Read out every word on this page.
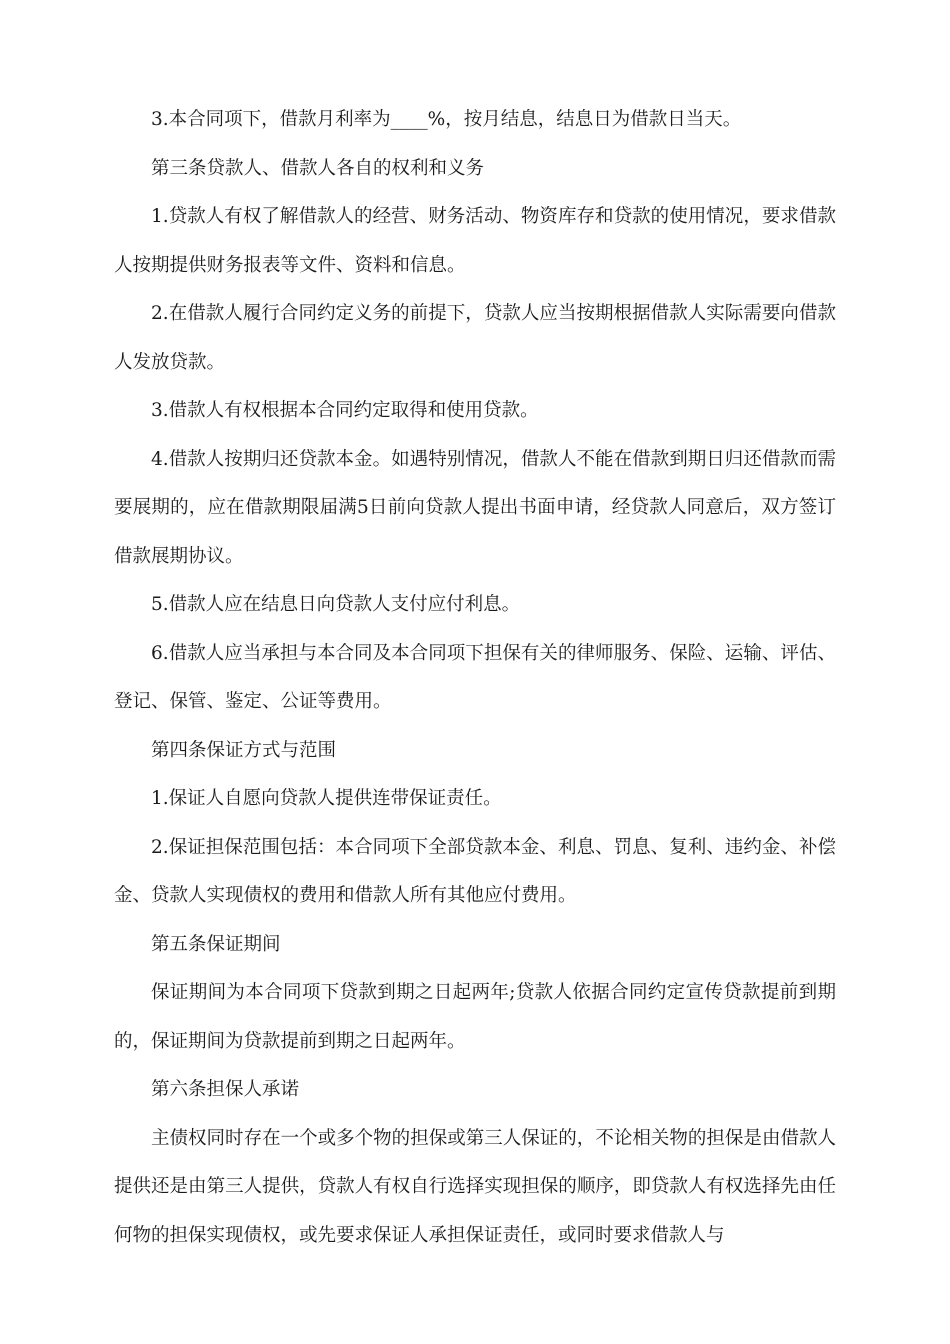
3.本合同项下，借款月利率为____%，按月结息，结息日为借款日当天。

第三条贷款人、借款人各自的权利和义务

1.贷款人有权了解借款人的经营、财务活动、物资库存和贷款的使用情况，要求借款人按期提供财务报表等文件、资料和信息。

2.在借款人履行合同约定义务的前提下，贷款人应当按期根据借款人实际需要向借款人发放贷款。

3.借款人有权根据本合同约定取得和使用贷款。

4.借款人按期归还贷款本金。如遇特别情况，借款人不能在借款到期日归还借款而需要展期的，应在借款期限届满5日前向贷款人提出书面申请，经贷款人同意后，双方签订借款展期协议。

5.借款人应在结息日向贷款人支付应付利息。

6.借款人应当承担与本合同及本合同项下担保有关的律师服务、保险、运输、评估、登记、保管、鉴定、公证等费用。

第四条保证方式与范围

1.保证人自愿向贷款人提供连带保证责任。

2.保证担保范围包括：本合同项下全部贷款本金、利息、罚息、复利、违约金、补偿金、贷款人实现债权的费用和借款人所有其他应付费用。

第五条保证期间

保证期间为本合同项下贷款到期之日起两年;贷款人依据合同约定宣传贷款提前到期的，保证期间为贷款提前到期之日起两年。

第六条担保人承诺

主债权同时存在一个或多个物的担保或第三人保证的，不论相关物的担保是由借款人提供还是由第三人提供，贷款人有权自行选择实现担保的顺序，即贷款人有权选择先由任何物的担保实现债权，或先要求保证人承担保证责任，或同时要求借款人与
